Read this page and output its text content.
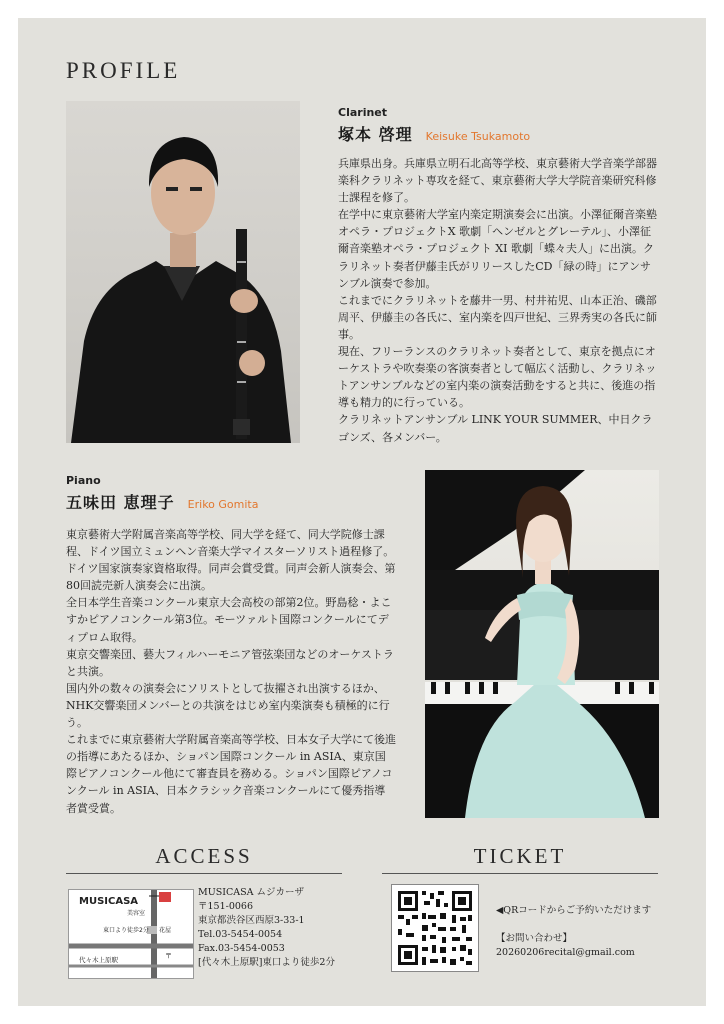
PROFILE
Clarinet
塚本 啓理 Keisuke Tsukamoto

兵庫県出身。兵庫県立明石北高等学校、東京藝術大学音楽学部器楽科クラリネット専攻を経て、東京藝術大学大学院音楽研究科修士課程を修了。

在学中に東京藝術大学室内楽定期演奏会に出演。小澤征爾音楽塾オペラ・プロジェクトX 歌劇「ヘンゼルとグレーテル」、小澤征爾音楽塾オペラ・プロジェクト XI 歌劇「蝶々夫人」に出演。クラリネット奏者伊藤圭氏がリリースしたCD「緑の時」にアンサンブル演奏で参加。

これまでにクラリネットを藤井一男、村井祐児、山本正治、磯部周平、伊藤圭の各氏に、室内楽を四戸世紀、三界秀実の各氏に師事。

現在、フリーランスのクラリネット奏者として、東京を拠点にオーケストラや吹奏楽の客演奏者として幅広く活動し、クラリネットアンサンブルなどの室内楽の演奏活動をすると共に、後進の指導も精力的に行っている。

クラリネットアンサンブル LINK YOUR SUMMER、中日クラゴンズ、各メンバー。

Piano
五味田 恵理子 Eriko Gomita

東京藝術大学附属音楽高等学校、同大学を経て、同大学院修士課程、ドイツ国立ミュンヘン音楽大学マイスターソリスト過程修了。ドイツ国家演奏家資格取得。同声会賞受賞。同声会新人演奏会、第80回読売新人演奏会に出演。

全日本学生音楽コンクール東京大会高校の部第2位。野島稔・よこすかピアノコンクール第3位。モーツァルト国際コンクールにてディプロム取得。

東京交響楽団、藝大フィルハーモニア管弦楽団などのオーケストラと共演。

国内外の数々の演奏会にソリストとして抜擢され出演するほか、NHK交響楽団メンバーとの共演をはじめ室内楽演奏も積極的に行う。

これまでに東京藝術大学附属音楽高等学校、日本女子大学にて後進の指導にあたるほか、ショパン国際コンクール in ASIA、東京国際ピアノコンクール他にて審査員を務める。ショパン国際ピアノコンクール in ASIA、日本クラシック音楽コンクールにて優秀指導者賞受賞。

ACCESS
MUSICASA
美容室
東口より徒歩2分 花屋
代々木上原駅	〒
MUSICASA ムジカーザ
〒151-0066
東京都渋谷区西原3-33-1
Tel.03-5454-0054
Fax.03-5454-0053
[代々木上原駅]東口より徒歩2分
TICKET
◀QRコードからご予約いただけます
【お問い合わせ】
20260206recital@gmail.com
